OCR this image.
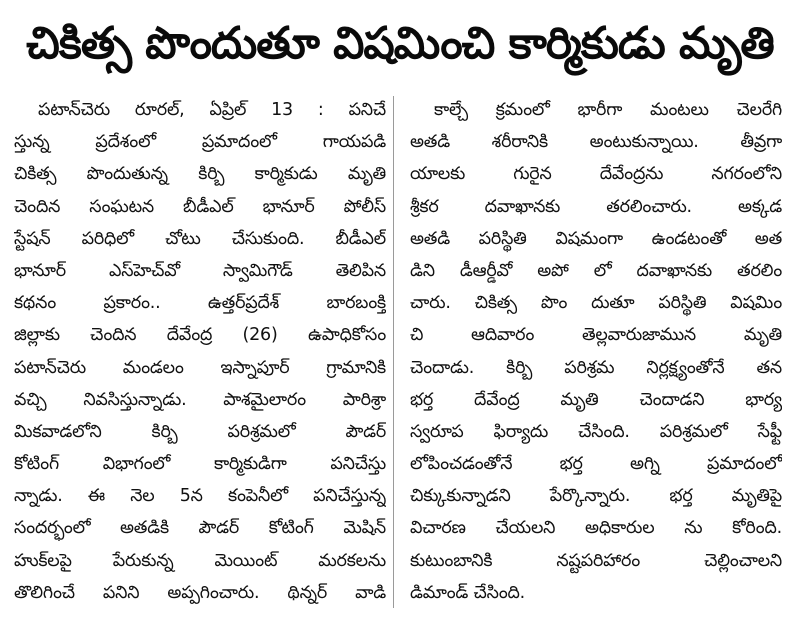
చికిత్స పొందుతూ విషమించి కార్మికుడు మృతి
పటాన్‌చెరు రూరల్‌, ఏప్రిల్‌ 13 : పనిచే
స్తున్న ప్రదేశంలో ప్రమాదంలో గాయపడి
చికిత్స పొందుతున్న కిర్బి కార్మికుడు మృతి
చెందిన సంఘటన బీడీఎల్‌ భానూర్‌ పోలీస్‌
స్టేషన్‌ పరిధిలో చోటు చేసుకుంది. బీడీఎల్‌
భానూర్‌ ఎస్‌హెచ్‌వో స్వామిగౌడ్‌ తెలిపిన
కథనం ప్రకారం.. ఉత్తర్‌ప్రదేశ్‌ బారబంక్తి
జిల్లాకు చెందిన దేవేంద్ర (26) ఉపాధికోసం
పటాన్‌చెరు మండలం ఇస్నాపూర్‌ గ్రామానికి
వచ్చి నివసిస్తున్నాడు. పాశమైలారం పారిశ్రా
మికవాడలోని కిర్బి పరిశ్రమలో పౌడర్‌
కోటింగ్‌ విభాగంలో కార్మికుడిగా పనిచేస్తు
న్నాడు. ఈ నెల 5న కంపెనీలో పనిచేస్తున్న
సందర్భంలో అతడికి పౌడర్‌ కోటింగ్‌ మెషిన్‌
హుక్‌లపై పేరుకున్న మెయింట్‌ మరకలను
తొలిగించే పనిని అప్పగించారు. థిన్నర్‌ వాడి
కాల్చే క్రమంలో భారీగా మంటలు చెలరేగి
అతడి శరీరానికి అంటుకున్నాయి. తీవ్రగా
యాలకు గురైన దేవేంద్రను నగరంలోని
శ్రీకర దవాఖానకు తరలించారు. అక్కడ
అతడి పరిస్థితి విషమంగా ఉండటంతో అత
డిని డీఆర్డీవో అపో లో దవాఖానకు తరలిం
చారు. చికిత్స పొం దుతూ పరిస్థితి విషమిం
చి ఆదివారం తెల్లవారుజామున మృతి
చెందాడు. కిర్బి పరిశ్రమ నిర్లక్ష్యంతోనే తన
భర్త దేవేంద్ర మృతి చెందాడని భార్య
స్వరూప ఫిర్యాదు చేసింది. పరిశ్రమలో సేఫ్టీ
లోపించడంతోనే భర్త అగ్ని ప్రమాదంలో
చిక్కుకున్నాడని పేర్కొన్నారు. భర్త మృతిపై
విచారణ చేయలని అధికారుల ను కోరింది.
కుటుంబానికి నష్టపరిహారం చెల్లించాలని
డిమాండ్‌ చేసింది.
